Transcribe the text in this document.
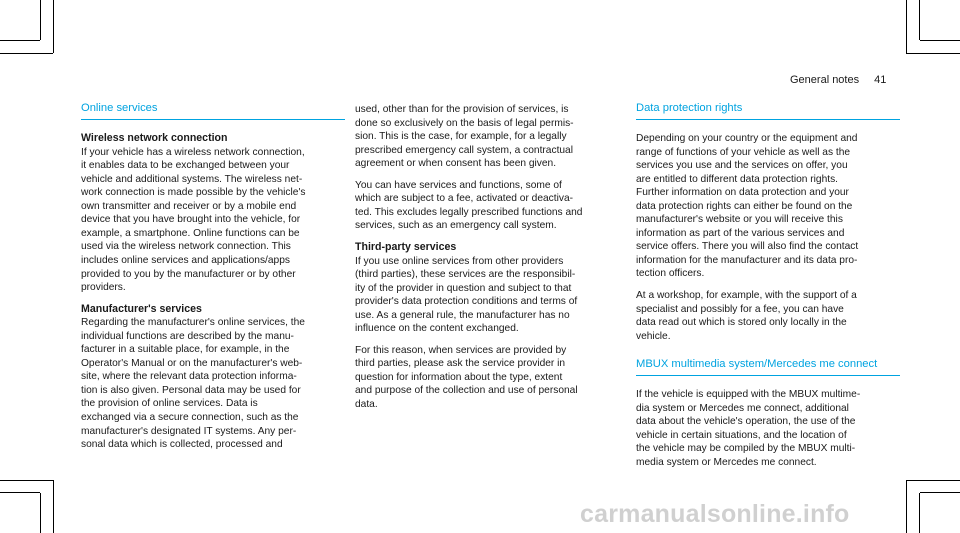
General notes 41
Online services
Wireless network connection
If your vehicle has a wireless network connection,
it enables data to be exchanged between your
vehicle and additional systems. The wireless net-
work connection is made possible by the vehicle's
own transmitter and receiver or by a mobile end
device that you have brought into the vehicle, for
example, a smartphone. Online functions can be
used via the wireless network connection. This
includes online services and applications/apps
provided to you by the manufacturer or by other
providers.
Manufacturer's services
Regarding the manufacturer's online services, the
individual functions are described by the manu-
facturer in a suitable place, for example, in the
Operator's Manual or on the manufacturer's web-
site, where the relevant data protection informa-
tion is also given. Personal data may be used for
the provision of online services. Data is
exchanged via a secure connection, such as the
manufacturer's designated IT systems. Any per-
sonal data which is collected, processed and
used, other than for the provision of services, is
done so exclusively on the basis of legal permis-
sion. This is the case, for example, for a legally
prescribed emergency call system, a contractual
agreement or when consent has been given.
You can have services and functions, some of
which are subject to a fee, activated or deactiva-
ted. This excludes legally prescribed functions and
services, such as an emergency call system.
Third-party services
If you use online services from other providers
(third parties), these services are the responsibil-
ity of the provider in question and subject to that
provider's data protection conditions and terms of
use. As a general rule, the manufacturer has no
influence on the content exchanged.
For this reason, when services are provided by
third parties, please ask the service provider in
question for information about the type, extent
and purpose of the collection and use of personal
data.
Data protection rights
Depending on your country or the equipment and
range of functions of your vehicle as well as the
services you use and the services on offer, you
are entitled to different data protection rights.
Further information on data protection and your
data protection rights can either be found on the
manufacturer's website or you will receive this
information as part of the various services and
service offers. There you will also find the contact
information for the manufacturer and its data pro-
tection officers.
At a workshop, for example, with the support of a
specialist and possibly for a fee, you can have
data read out which is stored only locally in the
vehicle.
MBUX multimedia system/Mercedes me connect
If the vehicle is equipped with the MBUX multime-
dia system or Mercedes me connect, additional
data about the vehicle's operation, the use of the
vehicle in certain situations, and the location of
the vehicle may be compiled by the MBUX multi-
media system or Mercedes me connect.
carmanualsonline.info
